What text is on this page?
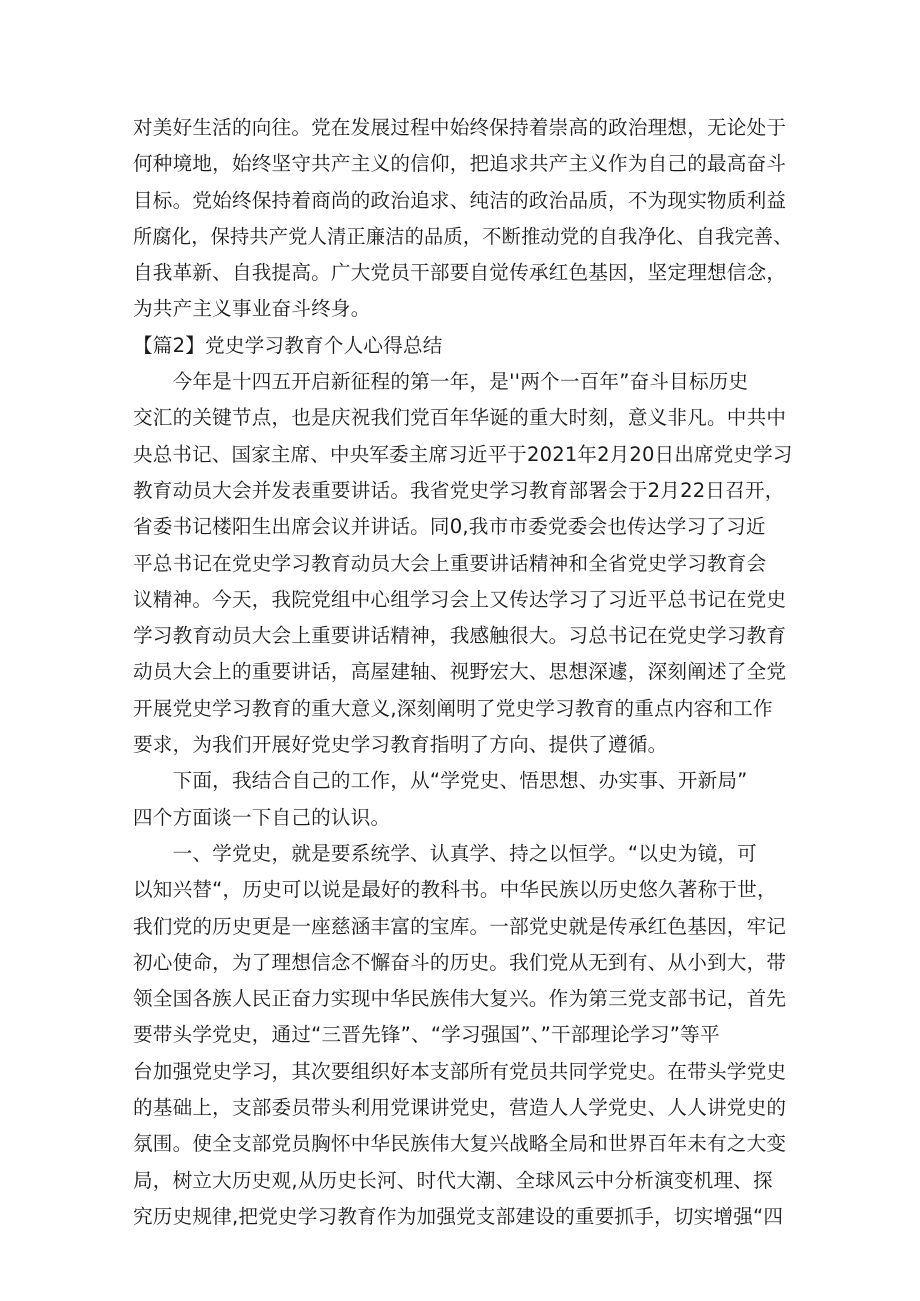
对美好生活的向往。党在发展过程中始终保持着崇高的政治理想，无论处于
何种境地，始终坚守共产主义的信仰，把追求共产主义作为自己的最高奋斗
目标。党始终保持着商尚的政治追求、纯洁的政治品质，不为现实物质利益
所腐化，保持共产党人清正廉洁的品质，不断推动党的自我净化、自我完善、
自我革新、自我提高。广大党员干部要自觉传承红色基因，坚定理想信念，
为共产主义事业奋斗终身。
【篇2】党史学习教育个人心得总结
　　今年是十四五开启新征程的第一年，是''两个一百年”奋斗目标历史
交汇的关键节点，也是庆祝我们党百年华诞的重大时刻，意义非凡。中共中
央总书记、国家主席、中央军委主席习近平于2021年2月20日出席党史学习
教育动员大会并发表重要讲话。我省党史学习教育部署会于2月22日召开，
省委书记楼阳生出席会议并讲话。同0,我市市委党委会也传达学习了习近
平总书记在党史学习教育动员大会上重要讲话精神和全省党史学习教育会
议精神。今天，我院党组中心组学习会上又传达学习了习近平总书记在党史
学习教育动员大会上重要讲话精神，我感触很大。习总书记在党史学习教育
动员大会上的重要讲话，高屋建轴、视野宏大、思想深遽，深刻阐述了全党
开展党史学习教育的重大意义,深刻阐明了党史学习教育的重点内容和工作
要求，为我们开展好党史学习教育指明了方向、提供了遵循。
　　下面，我结合自己的工作，从“学党史、悟思想、办实事、开新局”
四个方面谈一下自己的认识。
　　一、学党史，就是要系统学、认真学、持之以恒学。“以史为镜，可
以知兴替“，历史可以说是最好的教科书。中华民族以历史悠久著称于世，
我们党的历史更是一座慈涵丰富的宝库。一部党史就是传承红色基因，牢记
初心使命，为了理想信念不懈奋斗的历史。我们党从无到有、从小到大，带
领全国各族人民正奋力实现中华民族伟大复兴。作为第三党支部书记，首先
要带头学党史，通过“三晋先锋”、“学习强国”、”干部理论学习”等平
台加强党史学习，其次要组织好本支部所有党员共同学党史。在带头学党史
的基础上，支部委员带头利用党课讲党史，营造人人学党史、人人讲党史的
氛围。使全支部党员胸怀中华民族伟大复兴战略全局和世界百年未有之大变
局，树立大历史观,从历史长河、时代大潮、全球风云中分析演变机理、探
究历史规律,把党史学习教育作为加强党支部建设的重要抓手，切实增强“四
